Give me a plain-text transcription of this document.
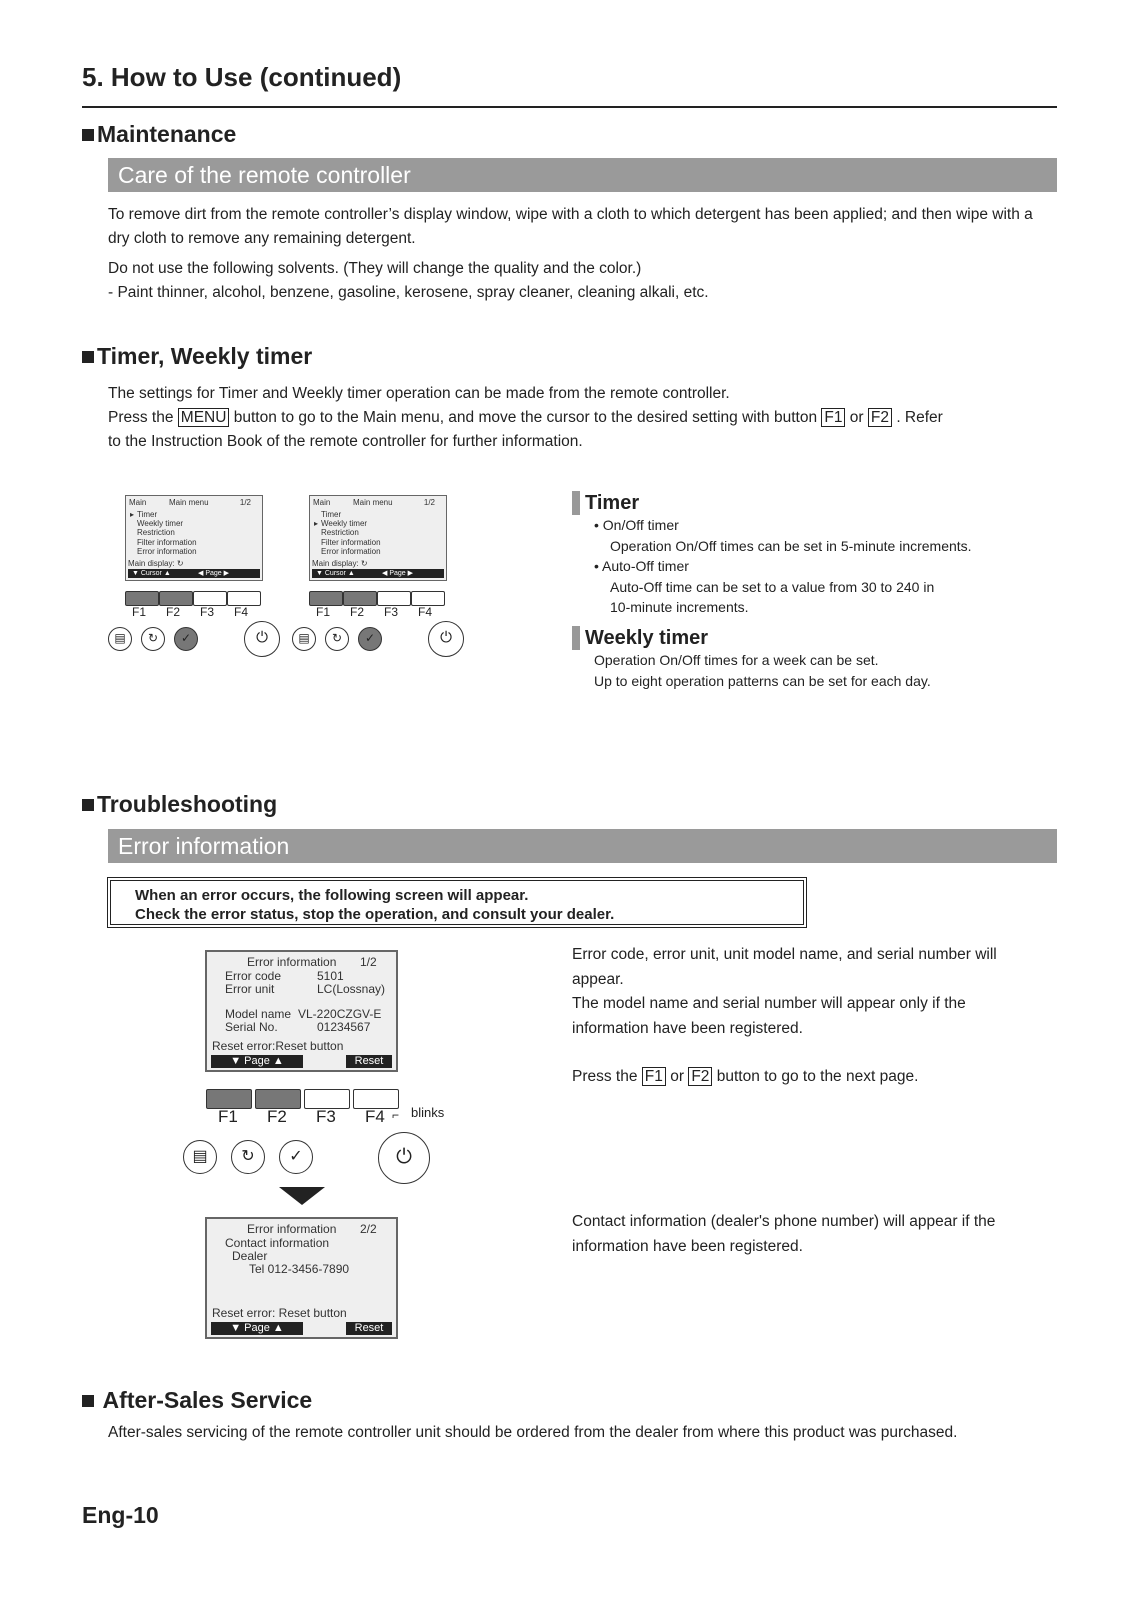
5. How to Use (continued)
Maintenance
Care of the remote controller

To remove dirt from the remote controller’s display window, wipe with a cloth to which detergent has been applied; and then wipe with a dry cloth to remove any remaining detergent.

Do not use the following solvents. (They will change the quality and the color.)
- Paint thinner, alcohol, benzene, gasoline, kerosene, spray cleaner, cleaning alkali, etc.

Timer, Weekly timer

The settings for Timer and Weekly timer operation can be made from the remote controller.
Press the MENU button to go to the Main menu, and move the cursor to the desired setting with button F1 or F2 . Refer
to the Instruction Book of the remote controller for further information.

Main	Main menu	1/2
▸ Timer
Weekly timer
Restriction
Filter information
Error information
Main display: ↻
▼ Cursor ▲	◀ Page ▶
F1 F2 F3 F4
▤	↻	✓	⏻
Main	Main menu	1/2
Timer
▸ Weekly timer
Restriction
Filter information
Error information
Main display: ↻
▼ Cursor ▲	◀ Page ▶
F1 F2 F3 F4
▤	↻	✓	⏻
Timer
• On/Off timer
Operation On/Off times can be set in 5-minute increments.
• Auto-Off timer
Auto-Off time can be set to a value from 30 to 240 in
10-minute increments.
Weekly timer
Operation On/Off times for a week can be set.
Up to eight operation patterns can be set for each day.
Troubleshooting
Error information
When an error occurs, the following screen will appear.
Check the error status, stop the operation, and consult your dealer.
Error information 1/2
Error code	5101
Error unit	LC(Lossnay)
Model name VL-220CZGV-E
Serial No.	01234567
Reset error:Reset button
▼ Page ▲	Reset
F1 F2 F3 F4 ⌐ blinks
▤	↻	✓	⏻
Error information 2/2
Contact information
Dealer
Tel 012-3456-7890
Reset error: Reset button
▼ Page ▲	Reset
Error code, error unit, unit model name, and serial number will appear.
The model name and serial number will appear only if the information have been registered.
Press the F1 or F2 button to go to the next page.
Contact information (dealer's phone number) will appear if the information have been registered.
After-Sales Service

After-sales servicing of the remote controller unit should be ordered from the dealer from where this product was purchased.

Eng-10
